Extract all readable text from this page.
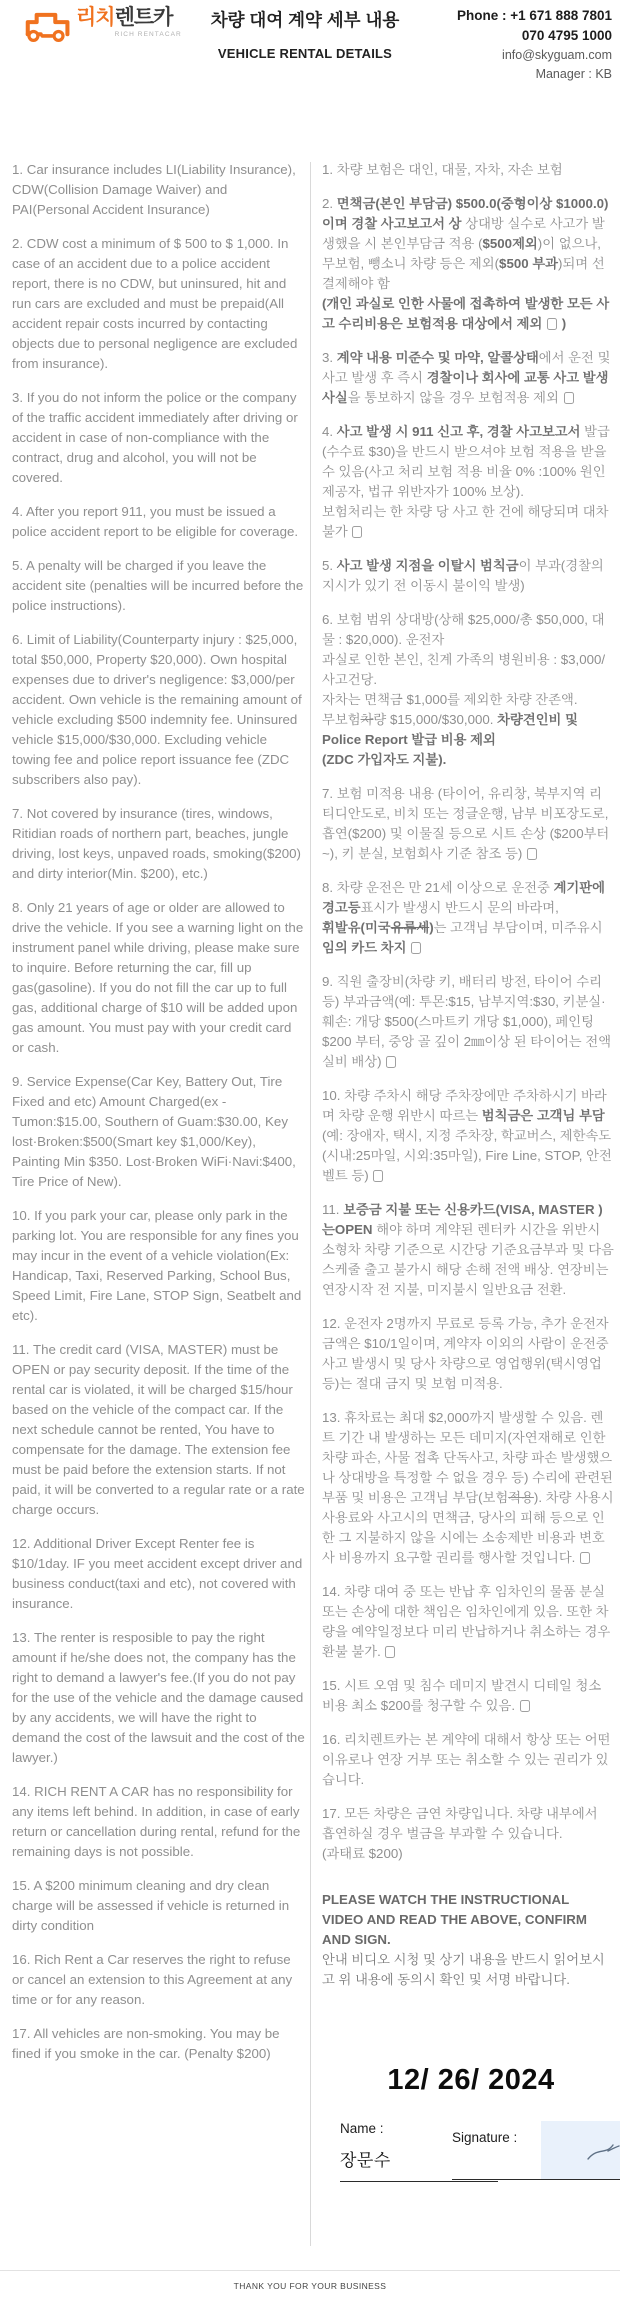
리치 렌트카
RICH RENTACAR
차량 대여 계약 세부 내용
VEHICLE RENTAL DETAILS
Phone : +1 671 888 7801
070 4795 1000
info@skyguam.com
Manager : KB

1. Car insurance includes LI(Liability Insurance), CDW(Collision Damage Waiver) and PAI(Personal Accident Insurance)

2. CDW cost a minimum of $ 500 to $ 1,000. In case of an accident due to a police accident report, there is no CDW, but uninsured, hit and run cars are excluded and must be prepaid(All accident repair costs incurred by contacting objects due to personal negligence are excluded from insurance).

3. If you do not inform the police or the company of the traffic accident immediately after driving or accident in case of non-compliance with the contract, drug and alcohol, you will not be covered.

4. After you report 911, you must be issued a police accident report to be eligible for coverage.

5. A penalty will be charged if you leave the accident site (penalties will be incurred before the police instructions).

6. Limit of Liability(Counterparty injury : $25,000, total $50,000, Property $20,000). Own hospital expenses due to driver's negligence: $3,000/per accident. Own vehicle is the remaining amount of vehicle excluding $500 indemnity fee. Uninsured vehicle $15,000/$30,000. Excluding vehicle towing fee and police report issuance fee (ZDC subscribers also pay).

7. Not covered by insurance (tires, windows, Ritidian roads of northern part, beaches, jungle driving, lost keys, unpaved roads, smoking($200) and dirty interior(Min. $200), etc.)

8. Only 21 years of age or older are allowed to drive the vehicle. If you see a warning light on the instrument panel while driving, please make sure to inquire. Before returning the car, fill up gas(gasoline). If you do not fill the car up to full gas, additional charge of $10 will be added upon gas amount. You must pay with your credit card or cash.

9. Service Expense(Car Key, Battery Out, Tire Fixed and etc) Amount Charged(ex - Tumon:$15.00, Southern of Guam:$30.00, Key lost·Broken:$500(Smart key $1,000/Key), Painting Min $350. Lost·Broken WiFi·Navi:$400, Tire Price of New).

10. If you park your car, please only park in the parking lot. You are responsible for any fines you may incur in the event of a vehicle violation(Ex: Handicap, Taxi, Reserved Parking, School Bus, Speed Limit, Fire Lane, STOP Sign, Seatbelt and etc).

11. The credit card (VISA, MASTER) must be OPEN or pay security deposit. If the time of the rental car is violated, it will be charged $15/hour based on the vehicle of the compact car. If the next schedule cannot be rented, You have to compensate for the damage. The extension fee must be paid before the extension starts. If not paid, it will be converted to a regular rate or a rate charge occurs.

12. Additional Driver Except Renter fee is $10/1day. IF you meet accident except driver and business conduct(taxi and etc), not covered with insurance.

13. The renter is resposible to pay the right amount if he/she does not, the company has the right to demand a lawyer's fee.(If you do not pay for the use of the vehicle and the damage caused by any accidents, we will have the right to demand the cost of the lawsuit and the cost of the lawyer.)

14. RICH RENT A CAR has no responsibility for any items left behind. In addition, in case of early return or cancellation during rental, refund for the remaining days is not possible.

15. A $200 minimum cleaning and dry clean charge will be assessed if vehicle is returned in dirty condition

16. Rich Rent a Car reserves the right to refuse or cancel an extension to this Agreement at any time or for any reason.

17. All vehicles are non-smoking. You may be fined if you smoke in the car. (Penalty $200)

1. 차량 보험은 대인, 대물, 자차, 자손 보험

2. 면책금(본인 부담금) $500.0(중형이상 $1000.0)이며 경찰 사고보고서 상 상대방 실수로 사고가 발생했을 시 본인부담금 적용 ($500제외)이 없으나, 무보험, 뺑소니 차량 등은 제외($500 부과)되며 선결제해야 함
(개인 과실로 인한 사물에 접촉하여 발생한 모든 사고 수리비용은 보험적용 대상에서 제외  )

3. 계약 내용 미준수 및 마약, 알콜상태에서 운전 및 사고 발생 후 즉시 경찰이나 회사에 교통 사고 발생 사실을 통보하지 않을 경우 보험적용 제외

4. 사고 발생 시 911 신고 후, 경찰 사고보고서 발급(수수료 $30)을 반드시 받으셔야 보험 적용을 받을 수 있음(사고 처리 보험 적용 비율 0% :100% 원인제공자, 법규 위반자가 100% 보상).
보험처리는 한 차량 당 사고 한 건에 해당되며 대차 불가

5. 사고 발생 지점을 이탈시 범칙금이 부과(경찰의 지시가 있기 전 이동시 불이익 발생)

6. 보험 범위 상대방(상해 $25,000/총 $50,000, 대물 : $20,000). 운전자
과실로 인한 본인, 친계 가족의 병원비용 : $3,000/사고건당.
자차는 면책금 $1,000를 제외한 차량 잔존액.
무보험차량 $15,000/$30,000. 차량견인비 및 Police Report 발급 비용 제외
(ZDC 가입자도 지불).

7. 보험 미적용 내용 (타이어, 유리창, 북부지역 리티디안도로, 비치 또는 정글운행, 남부 비포장도로, 흡연($200) 및 이물질 등으로 시트 손상 ($200부터~), 키 분실, 보험회사 기준 참조 등)

8. 차량 운전은 만 21세 이상으로 운전중 계기판에 경고등표시가 발생시 반드시 문의 바라며,
휘발유(미국유류세)는 고객님 부담이며, 미주유시 임의 카드 차지

9. 직원 출장비(차량 키, 배터리 방전, 타이어 수리등) 부과금액(예: 투몬:$15, 남부지역:$30, 키분실·훼손: 개당 $500(스마트키 개당 $1,000), 페인팅 $200 부터, 중앙 골 깊이 2㎜이상 된 타이어는 전액 실비 배상)

10. 차량 주차시 해당 주차장에만 주차하시기 바라며 차량 운행 위반시 따르는 범칙금은 고객님 부담 (예: 장애자, 택시, 지정 주차장, 학교버스, 제한속도(시내:25마일, 시외:35마일), Fire Line, STOP, 안전벨트 등)

11. 보증금 지불 또는 신용카드(VISA, MASTER )는OPEN 해야 하며 계약된 렌터카 시간을 위반시 소형차 차량 기준으로 시간당 기준요금부과 및 다음 스케줄 출고 불가시 해당 손해 전액 배상. 연장비는 연장시작 전 지불, 미지불시 일반요금 전환.

12. 운전자 2명까지 무료로 등록 가능, 추가 운전자 금액은 $10/1일이며, 계약자 이외의 사람이 운전중 사고 발생시 및 당사 차량으로 영업행위(택시영업 등)는 절대 금지 및 보험 미적용.

13. 휴차료는 최대 $2,000까지 발생할 수 있음. 렌트 기간 내 발생하는 모든 데미지(자연재해로 인한 차량 파손, 사물 접촉 단독사고, 차량 파손 발생했으나 상대방을 특정할 수 없을 경우 등) 수리에 관련된 부품 및 비용은 고객님 부담(보험적용). 차량 사용시 사용료와 사고시의 면책금, 당사의 피해 등으로 인한 그 지불하지 않을 시에는 소송제반 비용과 변호사 비용까지 요구할 권리를 행사할 것입니다.

14. 차량 대여 중 또는 반납 후 임차인의 물품 분실 또는 손상에 대한 책임은 임차인에게 있음. 또한 차량을 예약일정보다 미리 반납하거나 취소하는 경우 환불 불가.

15. 시트 오염 및 침수 데미지 발견시 디테일 청소 비용 최소 $200를 청구할 수 있음.

16. 리치렌트카는 본 계약에 대해서 항상 또는 어떤 이유로나 연장 거부 또는 취소할 수 있는 권리가 있습니다.

17. 모든 차량은 금연 차량입니다. 차량 내부에서 흡연하실 경우 벌금을 부과할 수 있습니다.
(과태료 $200)

PLEASE WATCH THE INSTRUCTIONAL VIDEO AND READ THE ABOVE, CONFIRM AND SIGN.

안내 비디오 시청 및 상기 내용을 반드시 읽어보시고 위 내용에 동의시 확인 및 서명 바랍니다.

12/ 26/ 2024
Name :
장문수
Signature :
THANK YOU FOR YOUR BUSINESS
